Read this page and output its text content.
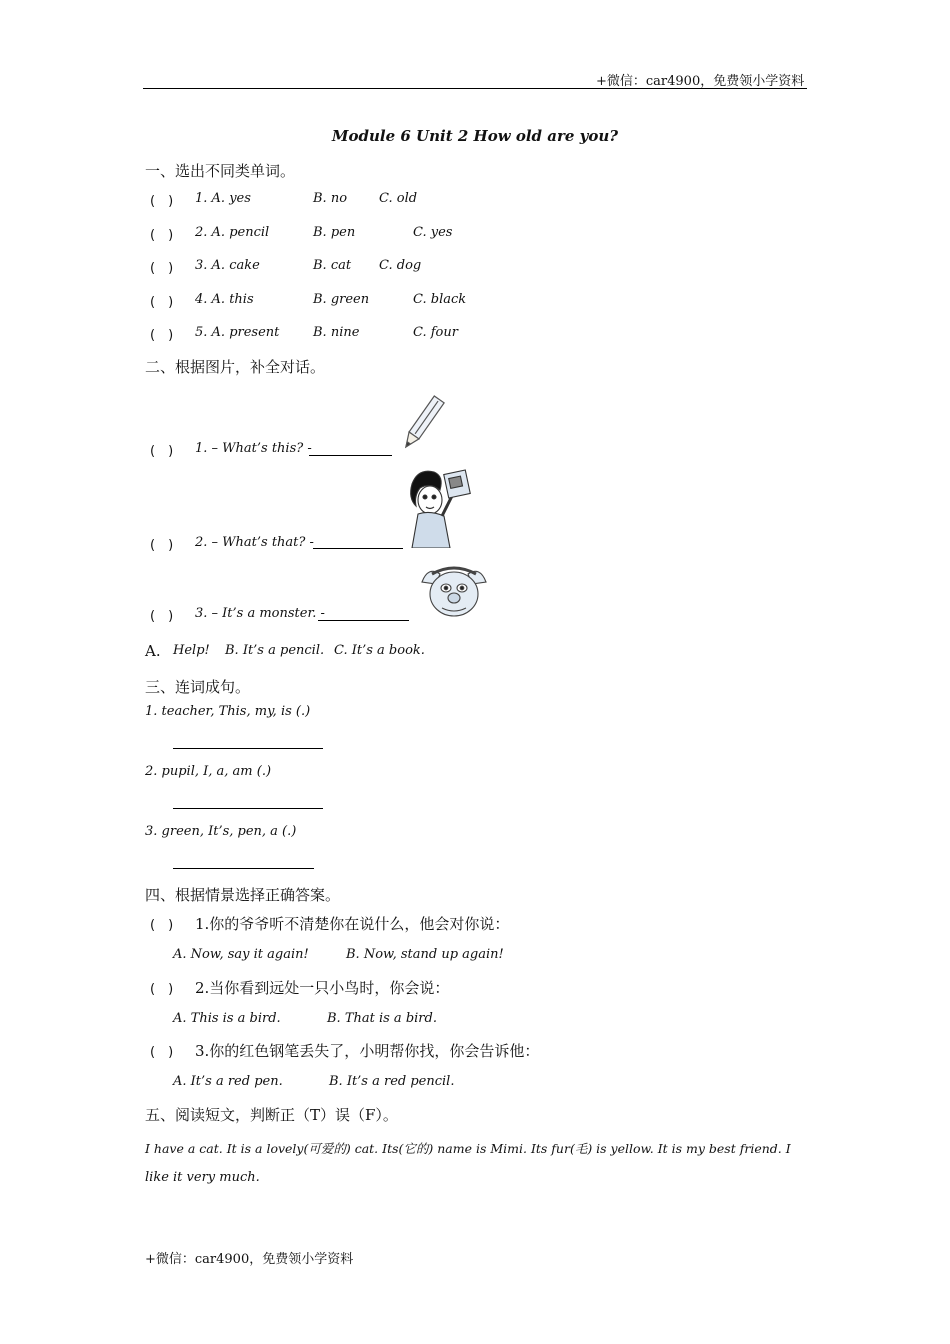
+微信：car4900，免费领小学资料
Module 6 Unit 2 How old are you?
一、选出不同类单词。
(　) 1. A. yes	B. no C. old
(　) 2. A. pencil	B. pen	C. yes
(　) 3. A. cake	B. cat C. dog
(　) 4. A. this	B. green	C. black
(　) 5. A. present	B. nine	C. four
二、根据图片，补全对话。
(　) 1. – What’s this? -
(　) 2. – What’s that? -
(　) 3. – It’s a monster. -
A. Help! B. It’s a pencil. C. It’s a book.
三、连词成句。
1. teacher, This, my, is (.)
2. pupil, I, a, am (.)
3. green, It’s, pen, a (.)
四、根据情景选择正确答案。
(　) 1.你的爷爷听不清楚你在说什么，他会对你说：
A. Now, say it again!	B. Now, stand up again!
(　) 2.当你看到远处一只小鸟时，你会说：
A. This is a bird.	B. That is a bird.
(　) 3.你的红色钢笔丢失了，小明帮你找，你会告诉他：
A. It’s a red pen.	B. It’s a red pencil.
五、阅读短文，判断正（T）误（F）。
I have a cat. It is a lovely(可爱的) cat. Its(它的) name is Mimi. Its fur(毛) is yellow. It is my best friend. I
like it very much.
+微信：car4900，免费领小学资料
